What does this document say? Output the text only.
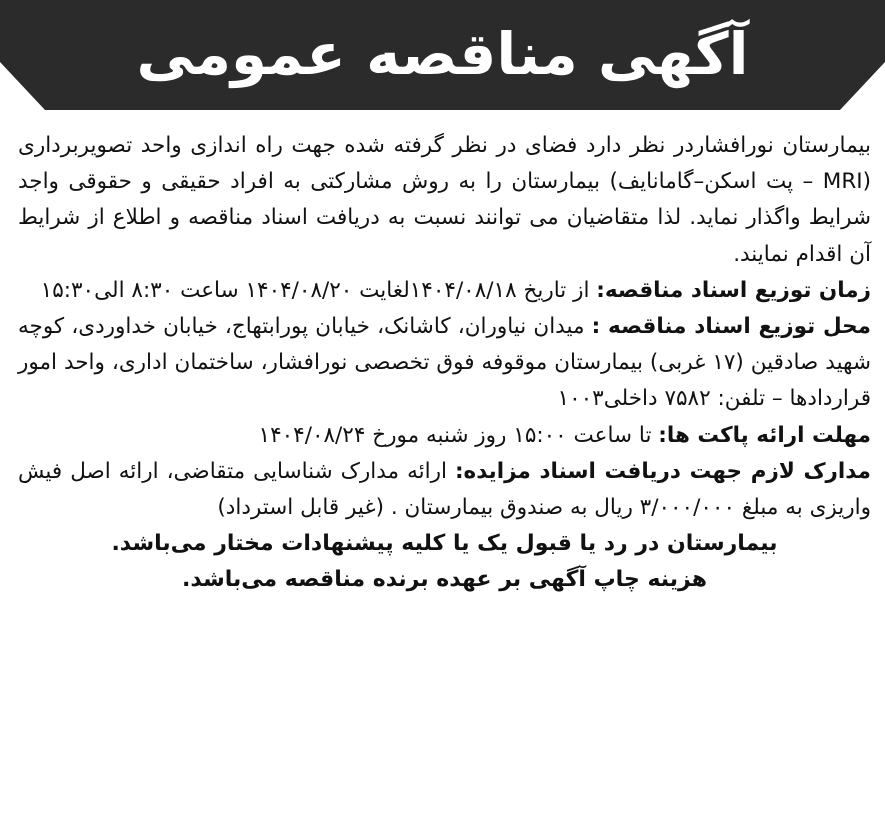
آگهی مناقصه عمومی

بیمارستان نورافشاردر نظر دارد فضای در نظر گرفته شده جهت راه اندازی واحد تصویربرداری (MRI – پت اسکن–گامانایف) بیمارستان را به روش مشارکتی به افراد حقیقی و حقوقی واجد شرایط واگذار نماید. لذا متقاضیان می توانند نسبت به دریافت اسناد مناقصه و اطلاع از شرایط آن اقدام نمایند.

زمان توزیع اسناد مناقصه: از تاریخ ۱۴۰۴/۰۸/۱۸لغایت ۱۴۰۴/۰۸/۲۰ ساعت ۸:۳۰ الی۱۵:۳۰

محل توزیع اسناد مناقصه : میدان نیاوران، کاشانک، خیابان پورابتهاج، خیابان خداوردی، کوچه شهید صادقین (۱۷ غربی) بیمارستان موقوفه فوق تخصصی نورافشار، ساختمان اداری، واحد امور قراردادها – تلفن: ۷۵۸۲ داخلی۱۰۰۳

مهلت ارائه پاکت ها: تا ساعت ۱۵:۰۰ روز شنبه مورخ ۱۴۰۴/۰۸/۲۴

مدارک لازم جهت دریافت اسناد مزایده: ارائه مدارک شناسایی متقاضی، ارائه اصل فیش واریزی به مبلغ ۳/۰۰۰/۰۰۰ ریال به صندوق بیمارستان . (غیر قابل استرداد)

بیمارستان در رد یا قبول یک یا کلیه پیشنهادات مختار می‌باشد.

هزینه چاپ آگهی بر عهده برنده مناقصه می‌باشد.
